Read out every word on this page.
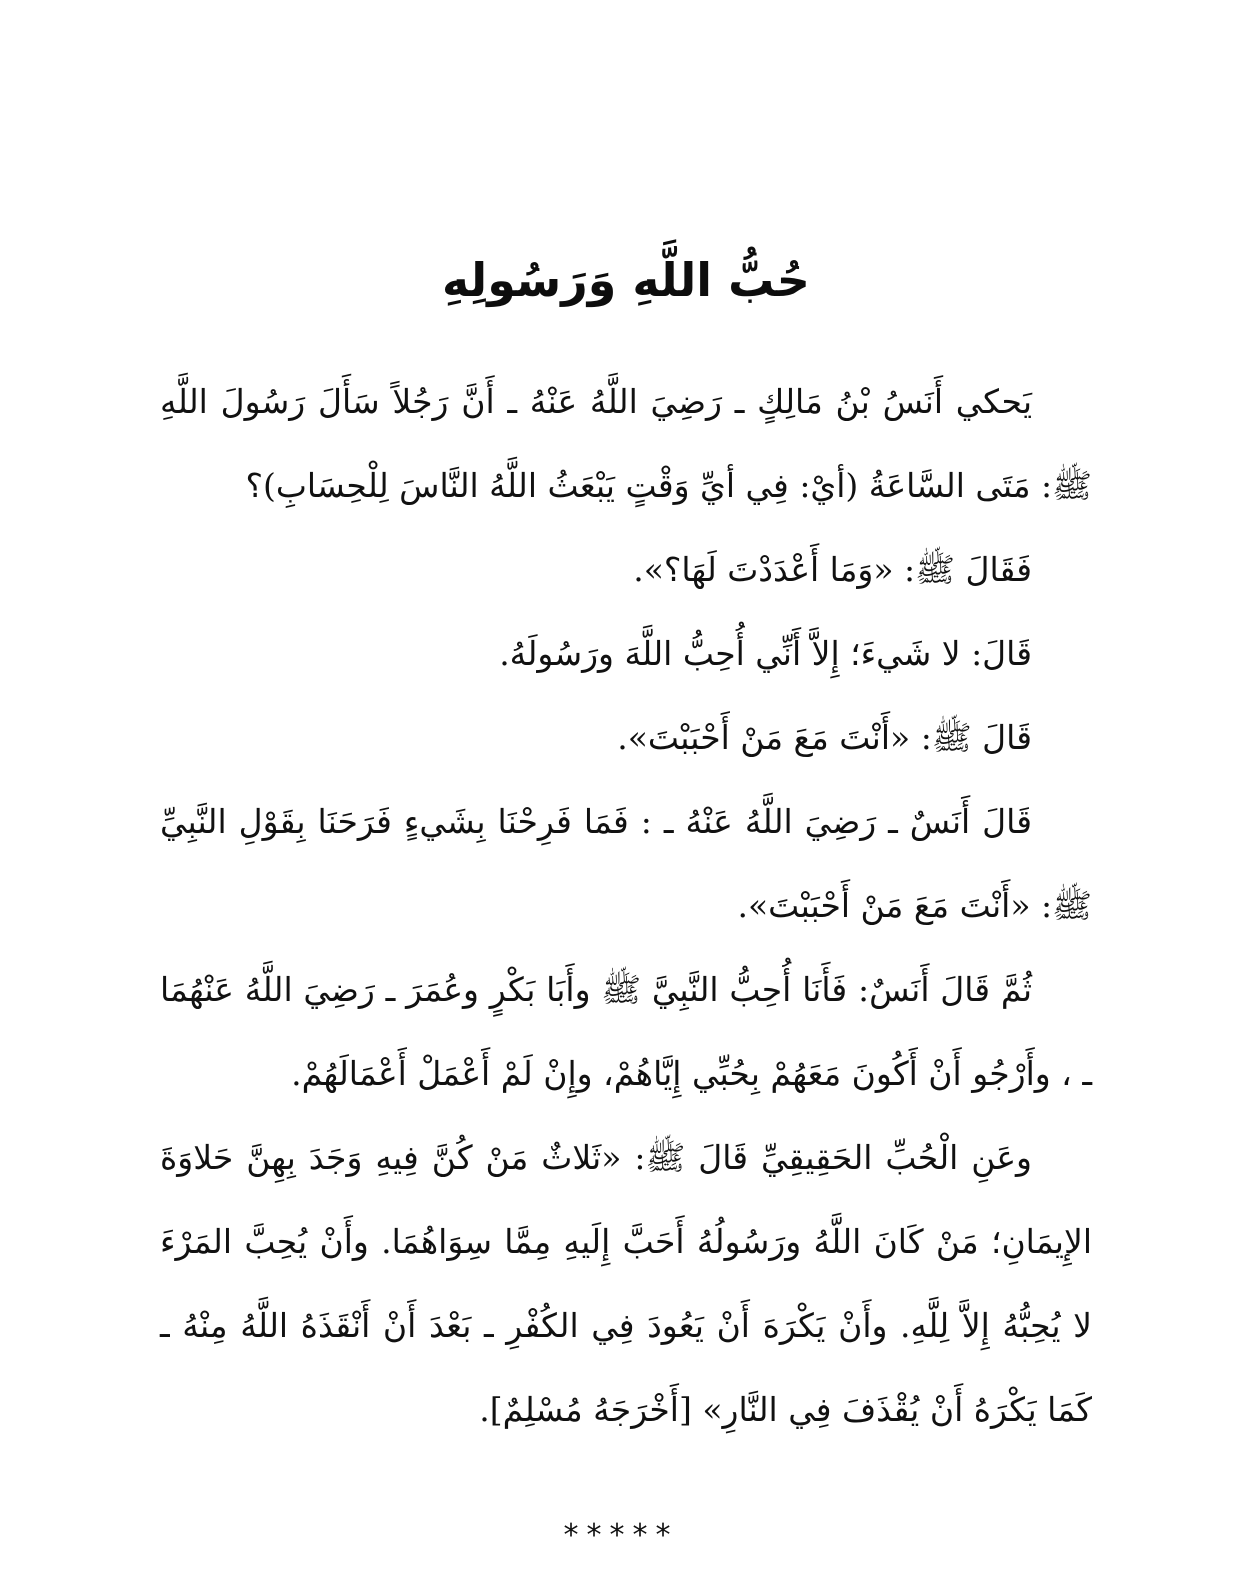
حُبُّ اللَّهِ وَرَسُولِهِ

يَحكي أَنَسُ بْنُ مَالِكٍ ـ رَضِيَ اللَّهُ عَنْهُ ـ أَنَّ رَجُلاً سَأَلَ رَسُولَ اللَّهِ ﷺ: مَتَى السَّاعَةُ (أيْ: فِي أيِّ وَقْتٍ يَبْعَثُ اللَّهُ النَّاسَ لِلْحِسَابِ)؟

فَقَالَ ﷺ: «وَمَا أَعْدَدْتَ لَهَا؟».

قَالَ: لا شَيءَ؛ إِلاَّ أَنِّي أُحِبُّ اللَّهَ ورَسُولَهُ.

قَالَ ﷺ: «أَنْتَ مَعَ مَنْ أَحْبَبْتَ».

قَالَ أَنَسٌ ـ رَضِيَ اللَّهُ عَنْهُ ـ : فَمَا فَرِحْنَا بِشَيءٍ فَرَحَنَا بِقَوْلِ النَّبِيِّ ﷺ: «أَنْتَ مَعَ مَنْ أَحْبَبْتَ».

ثُمَّ قَالَ أَنَسٌ: فَأَنَا أُحِبُّ النَّبِيَّ ﷺ وأَبَا بَكْرٍ وعُمَرَ ـ رَضِيَ اللَّهُ عَنْهُمَا ـ ، وأَرْجُو أَنْ أَكُونَ مَعَهُمْ بِحُبِّي إِيَّاهُمْ، وإِنْ لَمْ أَعْمَلْ أَعْمَالَهُمْ.

وعَنِ الْحُبِّ الحَقِيقِيِّ قَالَ ﷺ: «ثَلاثٌ مَنْ كُنَّ فِيهِ وَجَدَ بِهِنَّ حَلاوَةَ الإِيمَانِ؛ مَنْ كَانَ اللَّهُ ورَسُولُهُ أَحَبَّ إِلَيهِ مِمَّا سِوَاهُمَا. وأَنْ يُحِبَّ المَرْءَ لا يُحِبُّهُ إِلاَّ لِلَّهِ. وأَنْ يَكْرَهَ أَنْ يَعُودَ فِي الكُفْرِ ـ بَعْدَ أَنْ أَنْقَذَهُ اللَّهُ مِنْهُ ـ كَمَا يَكْرَهُ أَنْ يُقْذَفَ فِي النَّارِ» [أَخْرَجَهُ مُسْلِمٌ].

*****
